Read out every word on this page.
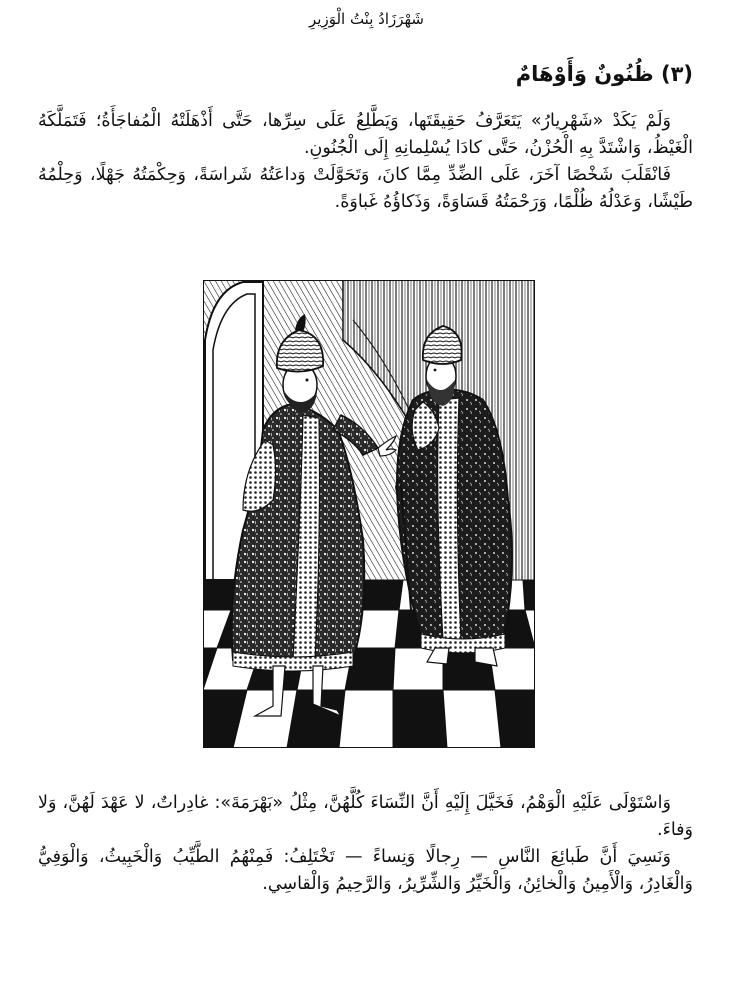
شَهْرَزَادُ بِنْتُ الْوَزِيرِ
(٣) ظُنُونٌ وَأَوْهَامٌ

وَلَمْ يَكَدْ «شَهْرِيارُ» يَتَعَرَّفُ حَقِيقَتَها، وَيَطَّلِعُ عَلَى سِرِّها، حَتَّى أَذْهَلَتْهُ الْمُفاجَأَةُ؛ فَتَمَلَّكَهُ الْغَيْظُ، وَاشْتَدَّ بِهِ الْحُزْنُ، حَتَّى كادَا يُسْلِمانِهِ إِلَى الْجُنُونِ.

فَانْقَلَبَ شَخْصًا آخَرَ، عَلَى الضِّدِّ مِمَّا كانَ، وَتَحَوَّلَتْ وَداعَتُهُ شَراسَةً، وَحِكْمَتُهُ جَهْلًا، وَحِلْمُهُ طَيْشًا، وَعَدْلُهُ ظُلْمًا، وَرَحْمَتُهُ قَسَاوَةً، وَذَكاؤُهُ غَباوَةً.

وَاسْتَوْلَى عَلَيْهِ الْوَهْمُ، فَخَيَّلَ إِلَيْهِ أَنَّ النِّسَاءَ كُلَّهُنَّ، مِثْلُ «بَهْرَمَةَ»: غادِراتٌ، لا عَهْدَ لَهُنَّ، وَلا وَفاءَ.

وَنَسِيَ أَنَّ طَبائِعَ النَّاسِ — رِجالًا وَنِساءً — تَخْتَلِفُ: فَمِنْهُمُ الطَّيِّبُ وَالْخَبِيثُ، وَالْوَفِيُّ وَالْغَادِرُ، وَالْأَمِينُ وَالْخائِنُ، وَالْخَيِّرُ وَالشِّرِّيرُ، وَالرَّحِيمُ وَالْقاسِي.
